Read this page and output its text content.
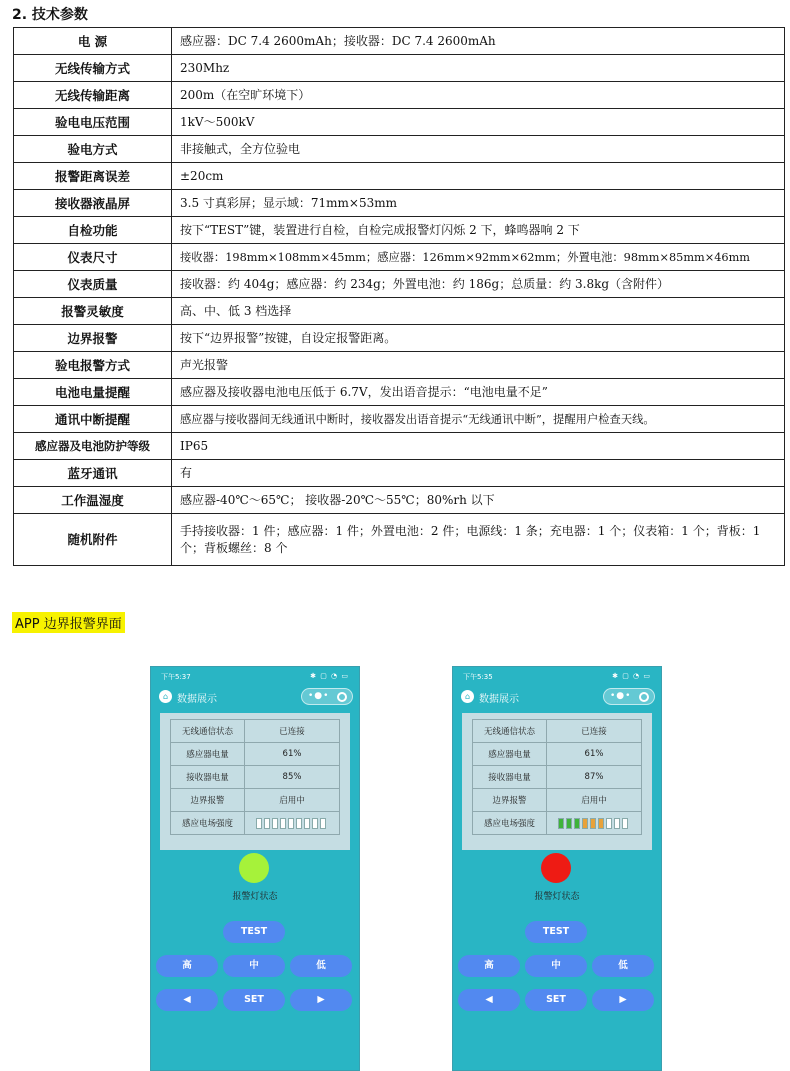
2. 技术参数
电 源	感应器：DC 7.4 2600mAh；接收器：DC 7.4 2600mAh
无线传输方式	230Mhz
无线传输距离	200m（在空旷环境下）
验电电压范围	1kV～500kV
验电方式	非接触式，全方位验电
报警距离误差	±20cm
接收器液晶屏	3.5 寸真彩屏；显示域：71mm×53mm
自检功能	按下“TEST”键，装置进行自检，自检完成报警灯闪烁 2 下，蜂鸣器响 2 下
仪表尺寸	接收器：198mm×108mm×45mm；感应器：126mm×92mm×62mm；外置电池：98mm×85mm×46mm
仪表质量	接收器：约 404g；感应器：约 234g；外置电池：约 186g；总质量：约 3.8kg（含附件）
报警灵敏度	高、中、低 3 档选择
边界报警	按下“边界报警”按键，自设定报警距离。
验电报警方式	声光报警
电池电量提醒	感应器及接收器电池电压低于 6.7V，发出语音提示：“电池电量不足”
通讯中断提醒	感应器与接收器间无线通讯中断时，接收器发出语音提示“无线通讯中断”，提醒用户检查天线。
感应器及电池防护等级	IP65
蓝牙通讯	有
工作温湿度	感应器-40℃～65℃； 接收器-20℃～55℃；80%rh 以下
随机附件	手持接收器：1 件；感应器：1 件；外置电池：2 件；电源线：1 条；充电器：1 个；仪表箱：1 个；背板：1 个；背板螺丝：8 个
APP 边界报警界面
下午5:37	✱ ▢ ◔ ▭
⌂ 数据展示	•●•
无线通信状态	已连接
感应器电量	61%
接收器电量	85%
边界报警	启用中
感应电场强度	
报警灯状态
TEST
高	中	低
◀	SET	▶
下午5:35	✱ ▢ ◔ ▭
⌂ 数据展示	•●•
无线通信状态	已连接
感应器电量	61%
接收器电量	87%
边界报警	启用中
感应电场强度	
报警灯状态
TEST
高	中	低
◀	SET	▶
